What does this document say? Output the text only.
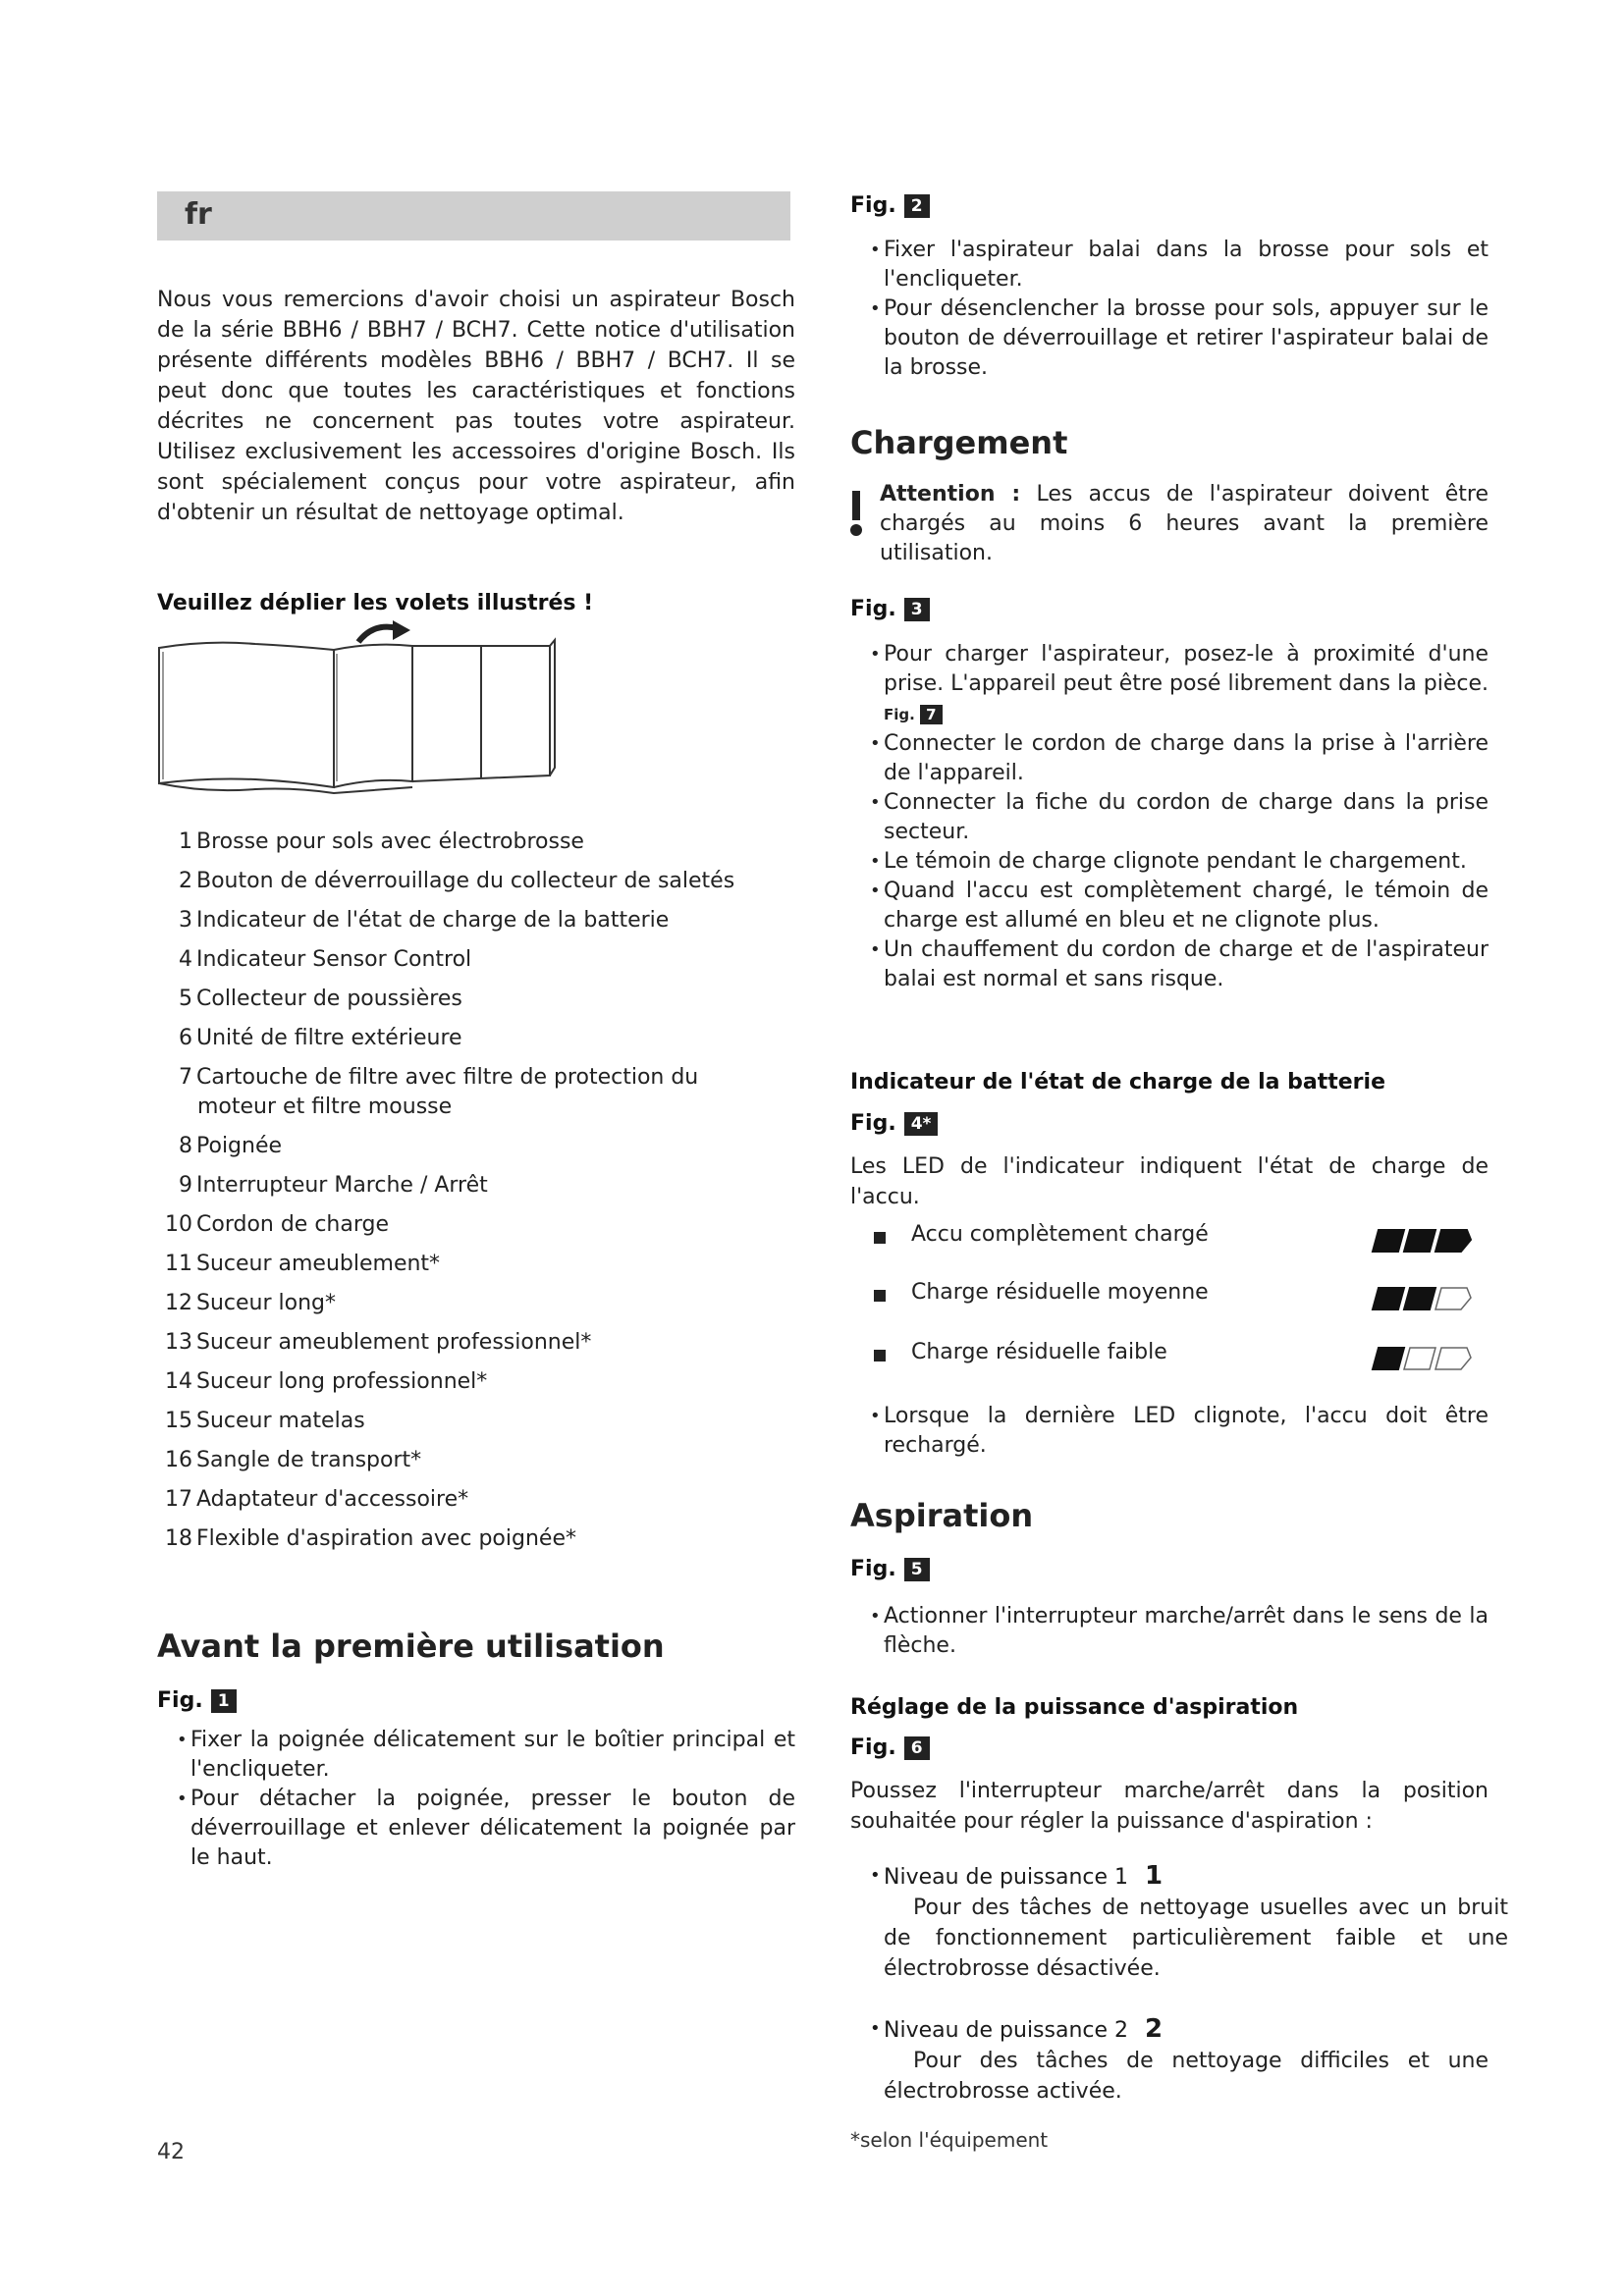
fr

Nous vous remercions d'avoir choisi un aspirateur Bosch de la série BBH6 / BBH7 / BCH7. Cette notice d'utilisation présente différents modèles BBH6 / BBH7 / BCH7. Il se peut donc que toutes les caractéristiques et fonctions décrites ne concernent pas toutes votre aspirateur. Utilisez exclusivement les accessoires d'origine Bosch. Ils sont spécialement conçus pour votre aspirateur, afin d'obtenir un résultat de nettoyage optimal.

Veuillez déplier les volets illustrés !
1 Brosse pour sols avec électrobrosse
2 Bouton de déverrouillage du collecteur de saletés
3 Indicateur de l'état de charge de la batterie
4 Indicateur Sensor Control
5 Collecteur de poussières
6 Unité de filtre extérieure
7 Cartouche de filtre avec filtre de protection du
moteur et filtre mousse
8 Poignée
9 Interrupteur Marche / Arrêt
10 Cordon de charge
11 Suceur ameublement*
12 Suceur long*
13 Suceur ameublement professionnel*
14 Suceur long professionnel*
15 Suceur matelas
16 Sangle de transport*
17 Adaptateur d'accessoire*
18 Flexible d'aspiration avec poignée*
Avant la première utilisation
Fig. 1
• Fixer la poignée délicatement sur le boîtier principal et l'encliqueter.
• Pour détacher la poignée, presser le bouton de déverrouillage et enlever délicatement la poignée par le haut.
42
Fig. 2
• Fixer l'aspirateur balai dans la brosse pour sols et l'encliqueter.
• Pour désenclencher la brosse pour sols, appuyer sur le bouton de déverrouillage et retirer l'aspirateur balai de la brosse.
Chargement
Attention : Les accus de l'aspirateur doivent être chargés au moins 6 heures avant la première utilisation.
Fig. 3
• Pour charger l'aspirateur, posez-le à proximité d'une prise. L'appareil peut être posé librement dans la pièce. Fig. 7
• Connecter le cordon de charge dans la prise à l'arrière de l'appareil.
• Connecter la fiche du cordon de charge dans la prise secteur.
• Le témoin de charge clignote pendant le chargement.
• Quand l'accu est complètement chargé, le témoin de charge est allumé en bleu et ne clignote plus.
• Un chauffement du cordon de charge et de l'aspirateur balai est normal et sans risque.
Indicateur de l'état de charge de la batterie
Fig. 4*

Les LED de l'indicateur indiquent l'état de charge de l'accu.

Accu complètement chargé
Charge résiduelle moyenne
Charge résiduelle faible
• Lorsque la dernière LED clignote, l'accu doit être rechargé.
Aspiration
Fig. 5
• Actionner l'interrupteur marche/arrêt dans le sens de la flèche.
Réglage de la puissance d'aspiration
Fig. 6

Poussez l'interrupteur marche/arrêt dans la position souhaitée pour régler la puissance d'aspiration :

• Niveau de puissance 1 1

Pour des tâches de nettoyage usuelles avec un bruit de fonctionnement particulièrement faible et une électrobrosse désactivée.

• Niveau de puissance 2 2

Pour des tâches de nettoyage difficiles et une électrobrosse activée.

*selon l'équipement
